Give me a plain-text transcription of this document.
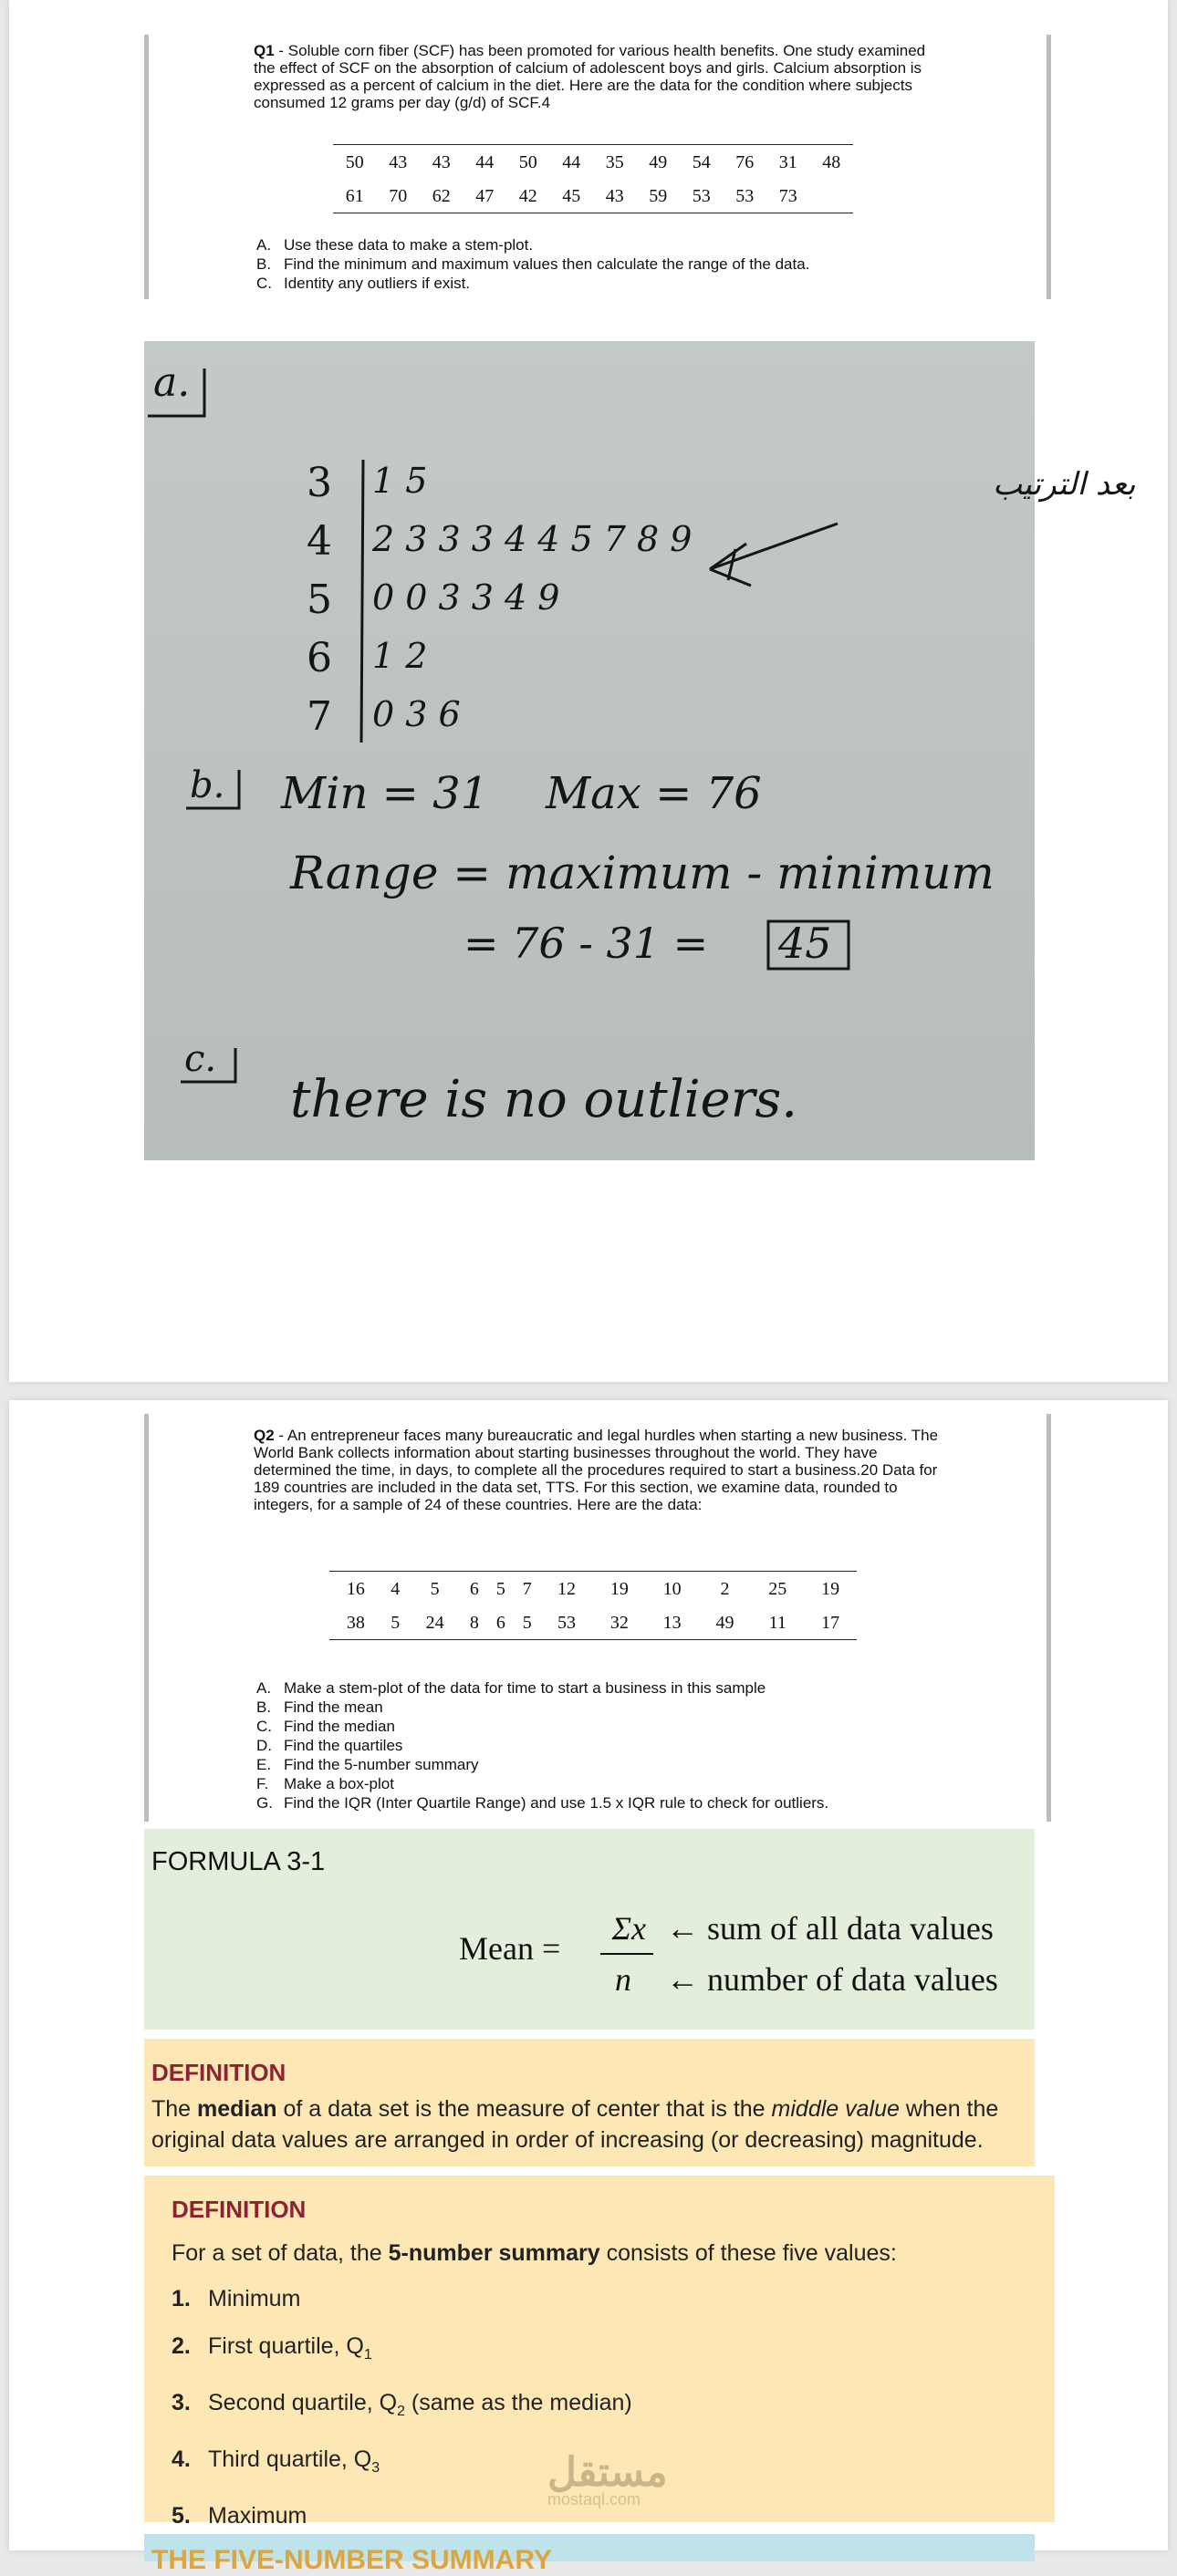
Q1 - Soluble corn fiber (SCF) has been promoted for various health benefits. One study examined the effect of SCF on the absorption of calcium of adolescent boys and girls. Calcium absorption is expressed as a percent of calcium in the diet. Here are the data for the condition where subjects consumed 12 grams per day (g/d) of SCF.4

50	43	43	44	50	44	35	49	54	76	31	48
61	70	62	47	42	45	43	59	53	53	73	
A. Use these data to make a stem-plot.
B. Find the minimum and maximum values then calculate the range of the data.
C. Identity any outliers if exist.
a.
3 1 5
4 2 3 3 3 4 4 5 7 8 9
5 0 0 3 3 4 9
6 1 2
7 0 3 6
بعد الترتيب
b. Min = 31 Max = 76
Range = maximum - minimum
= 76 - 31 = 45
c.
there is no outliers.

Q2 - An entrepreneur faces many bureaucratic and legal hurdles when starting a new business. The World Bank collects information about starting businesses throughout the world. They have determined the time, in days, to complete all the procedures required to start a business.20 Data for 189 countries are included in the data set, TTS. For this section, we examine data, rounded to integers, for a sample of 24 of these countries. Here are the data:

16	4	5	6	5	7	12	19	10	2	25	19
38	5	24	8	6	5	53	32	13	49	11	17
A. Make a stem-plot of the data for time to start a business in this sample
B. Find the mean
C. Find the median
D. Find the quartiles
E. Find the 5-number summary
F. Make a box-plot
G. Find the IQR (Inter Quartile Range) and use 1.5 x IQR rule to check for outliers.
FORMULA 3-1
Mean =
Σx ← sum of all data values
n	← number of data values
DEFINITION
The median of a data set is the measure of center that is the middle value when the original data values are arranged in order of increasing (or decreasing) magnitude.
DEFINITION
For a set of data, the 5-number summary consists of these five values:
1. Minimum
2. First quartile, $Q_1$
3. Second quartile, $Q_2$ (same as the median)
4. Third quartile, $Q_3$
5. Maximum
مستقل
mostaql.com
THE FIVE-NUMBER SUMMARY
